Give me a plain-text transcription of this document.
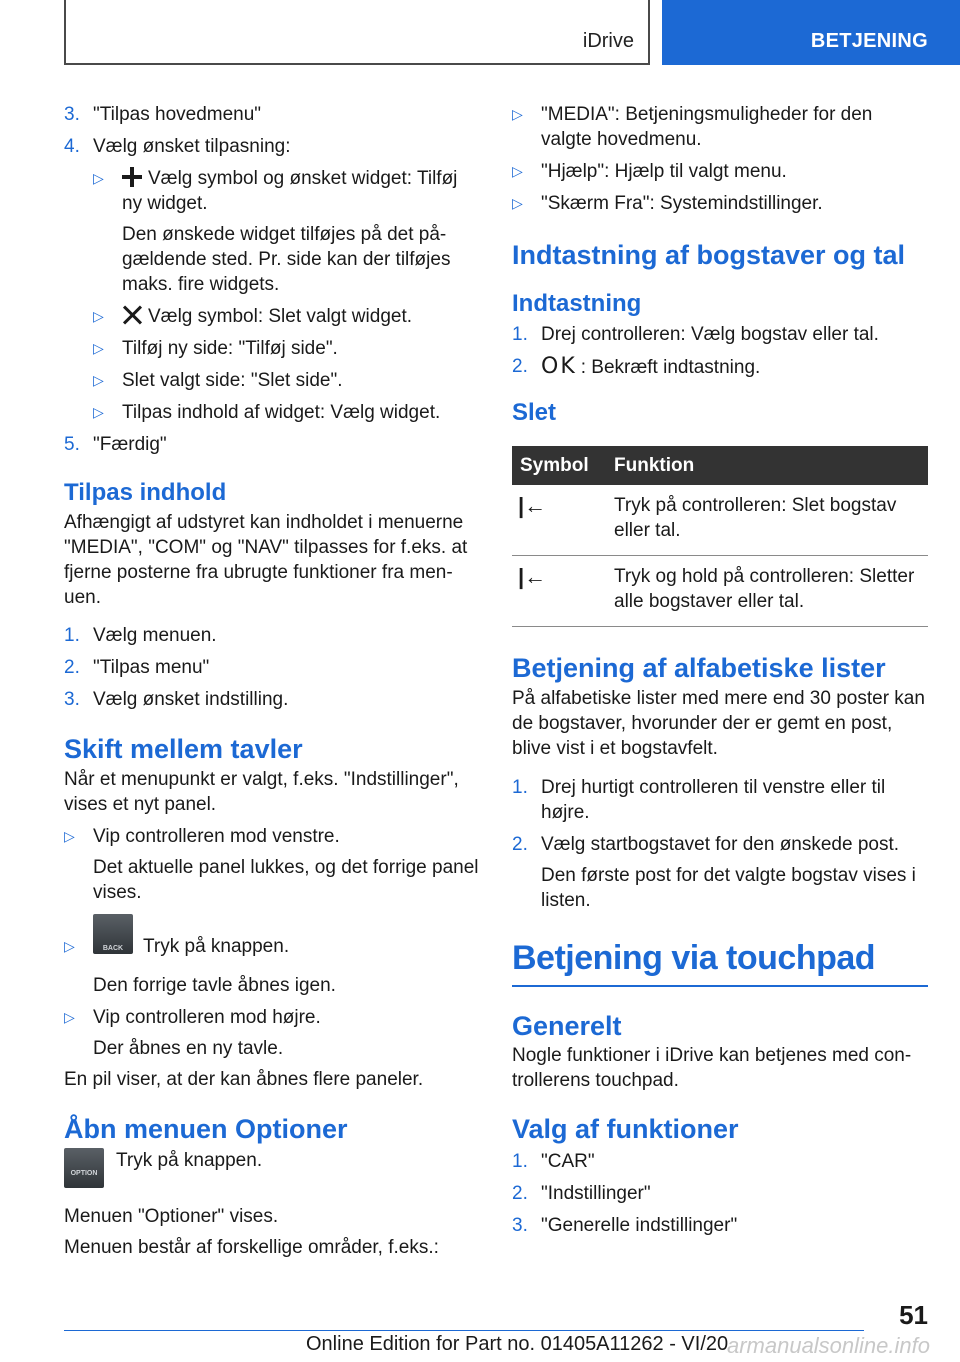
iDrive	BETJENING
3. "Tilpas hovedmenu"
4. Vælg ønsket tilpasning:
▷ Vælg symbol og ønsket widget: Tilføj ny widget.
Den ønskede widget tilføjes på det pågældende sted. Pr. side kan der tilføjes maks. fire widgets.
▷ Vælg symbol: Slet valgt widget.
▷ Tilføj ny side: "Tilføj side".
▷ Slet valgt side: "Slet side".
▷ Tilpas indhold af widget: Vælg widget.
5. "Færdig"
Tilpas indhold
Afhængigt af udstyret kan indholdet i menuerne "MEDIA", "COM" og "NAV" tilpasses for f.eks. at fjerne posterne fra ubrugte funktioner fra menuen.
1. Vælg menuen.
2. "Tilpas menu"
3. Vælg ønsket indstilling.
Skift mellem tavler
Når et menupunkt er valgt, f.eks. "Indstillinger", vises et nyt panel.
▷ Vip controlleren mod venstre.
Det aktuelle panel lukkes, og det forrige panel vises.
▷	BACK	Tryk på knappen.
Den forrige tavle åbnes igen.
▷ Vip controlleren mod højre.
Der åbnes en ny tavle.
En pil viser, at der kan åbnes flere paneler.
Åbn menuen Optioner
OPTION
Tryk på knappen.
Menuen "Optioner" vises.
Menuen består af forskellige områder, f.eks.:
▷ "MEDIA": Betjeningsmuligheder for den valgte hovedmenu.
▷ "Hjælp": Hjælp til valgt menu.
▷ "Skærm Fra": Systemindstillinger.
Indtastning af bogstaver og tal
Indtastning
1. Drej controlleren: Vælg bogstav eller tal.
2. OK : Bekræft indtastning.
Slet
Symbol	Funktion
|←	Tryk på controlleren: Slet bogstav eller tal.
|←	Tryk og hold på controlleren: Sletter alle bogstaver eller tal.
Betjening af alfabetiske lister
På alfabetiske lister med mere end 30 poster kan de bogstaver, hvorunder der er gemt en post, blive vist i et bogstavfelt.
1. Drej hurtigt controlleren til venstre eller til højre.
2. Vælg startbogstavet for den ønskede post.
Den første post for det valgte bogstav vises i listen.
Betjening via touchpad
Generelt
Nogle funktioner i iDrive kan betjenes med controllerens touchpad.
Valg af funktioner
1. "CAR"
2. "Indstillinger"
3. "Generelle indstillinger"
51
Online Edition for Part no. 01405A11262 - VI/20
armanualsonline.info
